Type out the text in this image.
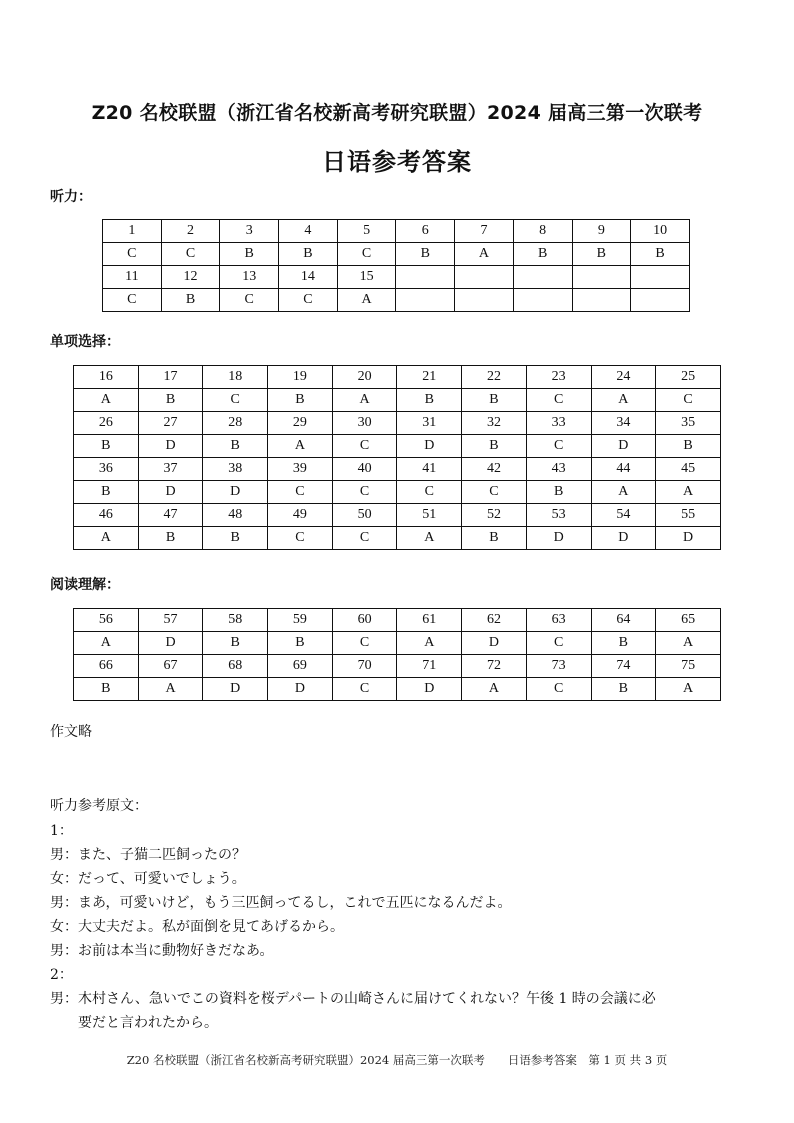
Z20 名校联盟（浙江省名校新高考研究联盟）2024 届高三第一次联考
日语参考答案
听力：
1	2	3	4	5	6	7	8	9	10
C	C	B	B	C	B	A	B	B	B
11	12	13	14	15					
C	B	C	C	A					
单项选择：
16	17	18	19	20	21	22	23	24	25
A	B	C	B	A	B	B	C	A	C
26	27	28	29	30	31	32	33	34	35
B	D	B	A	C	D	B	C	D	B
36	37	38	39	40	41	42	43	44	45
B	D	D	C	C	C	C	B	A	A
46	47	48	49	50	51	52	53	54	55
A	B	B	C	C	A	B	D	D	D
阅读理解：
56	57	58	59	60	61	62	63	64	65
A	D	B	B	C	A	D	C	B	A
66	67	68	69	70	71	72	73	74	75
B	A	D	D	C	D	A	C	B	A
作文略
听力参考原文：
1：
男：また、子猫二匹飼ったの？
女：だって、可愛いでしょう。
男：まあ，可愛いけど，もう三匹飼ってるし，これで五匹になるんだよ。
女：大丈夫だよ。私が面倒を見てあげるから。
男：お前は本当に動物好きだなあ。
2：
男：木村さん、急いでこの資料を桜デパートの山崎さんに届けてくれない？午後 1 時の会議に必
　　要だと言われたから。
Z20 名校联盟（浙江省名校新高考研究联盟）2024 届高三第一次联考　　日语参考答案　第 1 页 共 3 页
